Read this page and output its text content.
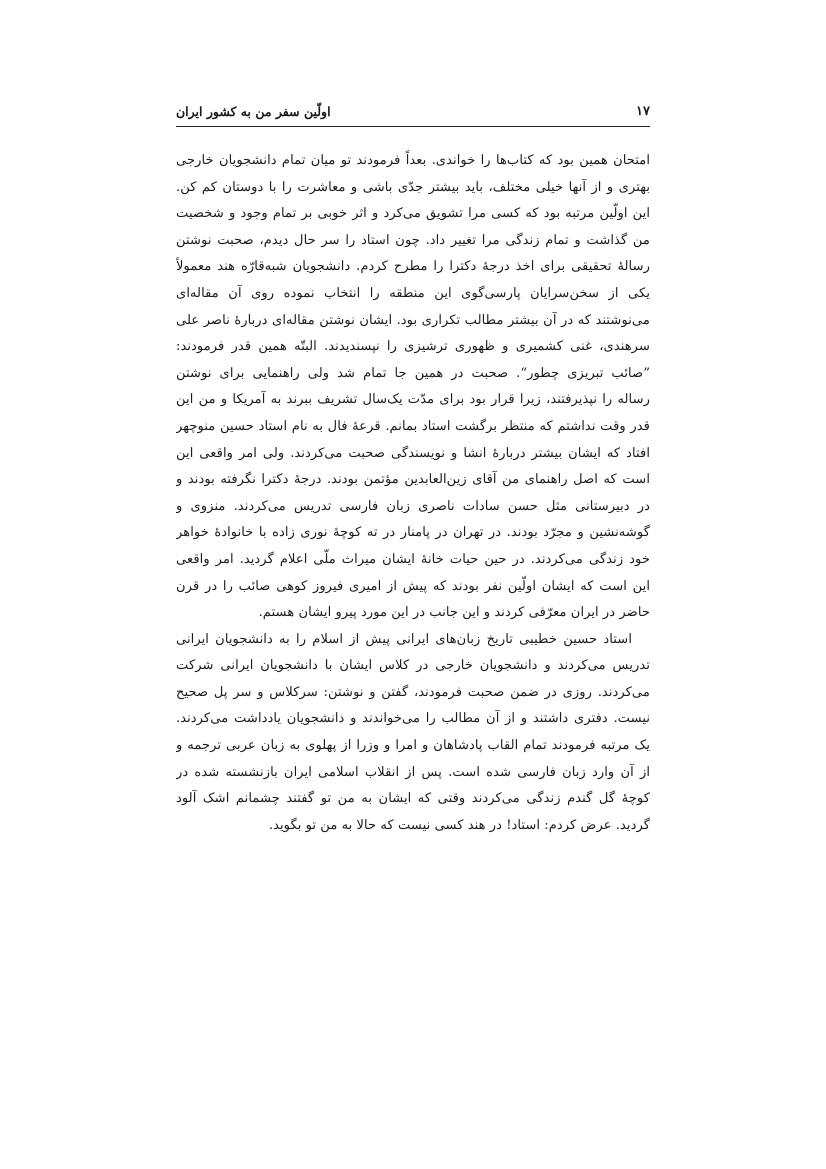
۱۷
اولّین سفر من به کشور ایران
امتحان همین بود که کتاب‌ها را خواندی. بعداً فرمودند تو میان تمام دانشجویان خارجی
بهتری و از آنها خیلی مختلف، باید بیشتر جدّی باشی و معاشرت را با دوستان کم کن.
این اولّین مرتبه بود که کسی مرا تشویق می‌کرد و اثر خوبی بر تمام وجود و شخصیت
من گذاشت و تمام زندگی مرا تغییر داد. چون استاد را سر حال دیدم، صحبت نوشتن
رسالهٔ تحقیقی برای اخذ درجهٔ دکترا را مطرح کردم. دانشجویان شبه‌قارّه هند معمولاً
یکی از سخن‌سرایان پارسی‌گوی این منطقه را انتخاب نموده روی آن مقاله‌ای
می‌نوشتند که در آن بیشتر مطالب تکراری بود. ایشان نوشتن مقاله‌ای دربارهٔ ناصر علی
سرهندی، غنی کشمیری و ظهوری ترشیزی را نپسندیدند. البتّه همین قدر فرمودند:
”صائب تبریزی چطور“. صحبت در همین جا تمام شد ولی راهنمایی برای نوشتن
رساله را نپذیرفتند، زیرا قرار بود برای مدّت یک‌سال تشریف ببرند به آمریکا و من این
قدر وقت نداشتم که منتظر برگشت استاد بمانم. قرعهٔ فال به نام استاد حسین منوچهر
افتاد که ایشان بیشتر دربارهٔ انشا و نویسندگی صحبت می‌کردند. ولی امر واقعی این
است که اصل راهنمای من آقای زین‌العابدین مؤتمن بودند. درجهٔ دکترا نگرفته بودند و
در دبیرستانی مثل حسن سادات ناصری زبان فارسی تدریس می‌کردند. منزوی و
گوشه‌نشین و مجرّد بودند. در تهران در پامنار در ته کوچهٔ نوری زاده با خانوادهٔ خواهر
خود زندگی می‌کردند. در حین حیات خانهٔ ایشان میراث ملّی اعلام گردید. امر واقعی
این است که ایشان اولّین نفر بودند که پیش از امیری فیروز کوهی صائب را در قرن
حاضر در ایران معرّفی کردند و این جانب در این مورد پیرو ایشان هستم.
استاد حسین خطیبی تاریخ زبان‌های ایرانی پیش از اسلام را به دانشجویان ایرانی
تدریس می‌کردند و دانشجویان خارجی در کلاس ایشان با دانشجویان ایرانی شرکت
می‌کردند. روزی در ضمن صحبت فرمودند، گفتن و نوشتن: سرکلاس و سر پل صحیح
نیست. دفتری داشتند و از آن مطالب را می‌خواندند و دانشجویان یادداشت می‌کردند.
یک مرتبه فرمودند تمام القاب پادشاهان و امرا و وزرا از پهلوی به زبان عربی ترجمه و
از آن وارد زبان فارسی شده است. پس از انقلاب اسلامی ایران بازنشسته شده در
کوچهٔ گل گندم زندگی می‌کردند وقتی که ایشان به من تو گفتند چشمانم اشک آلود
گردید. عرض کردم: استاد! در هند کسی نیست که حالا به من تو بگوید.
